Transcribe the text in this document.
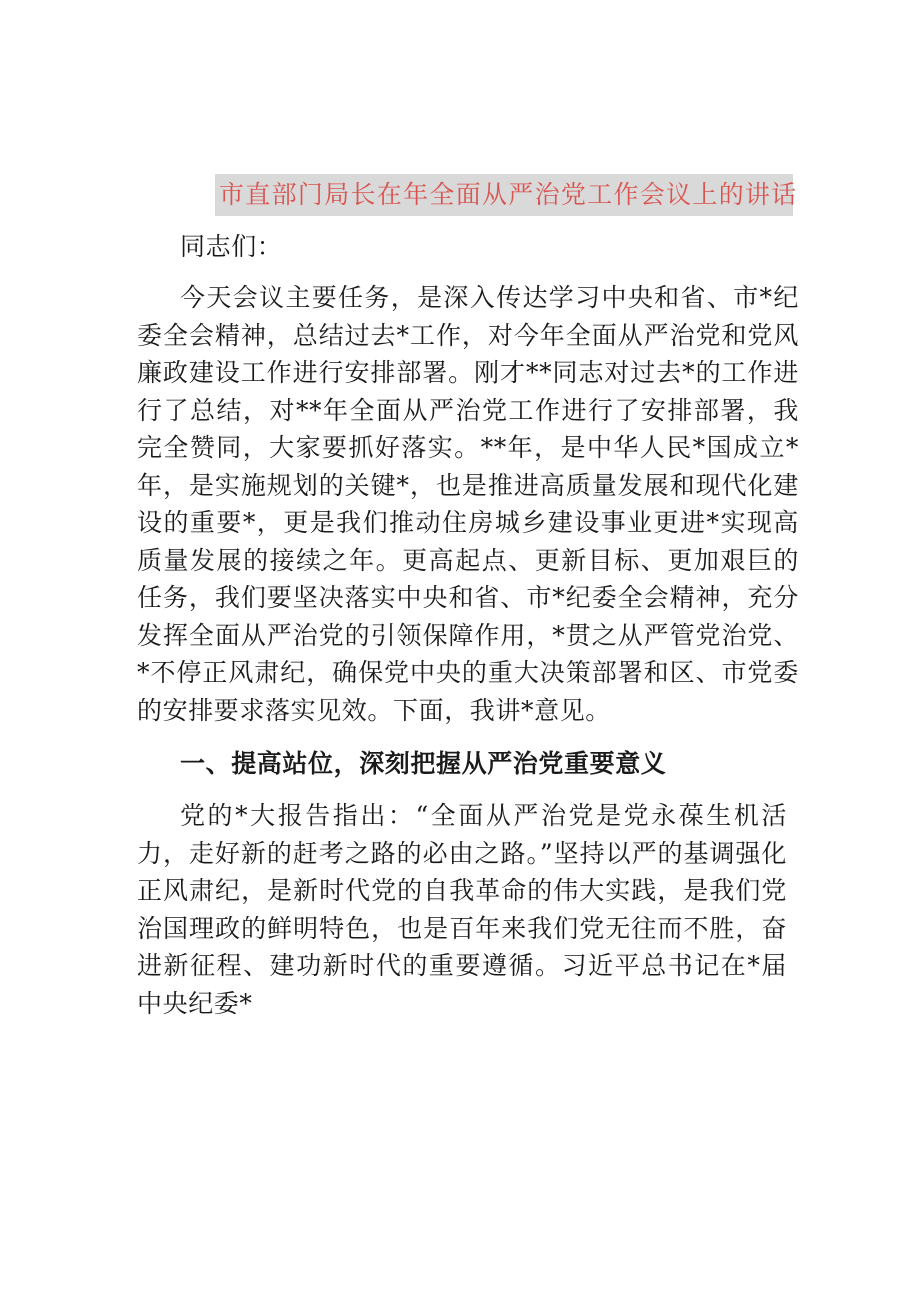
市直部门局长在年全面从严治党工作会议上的讲话
同志们：
今天会议主要任务，是深入传达学习中央和省、市*纪委全会精神，总结过去*工作，对今年全面从严治党和党风廉政建设工作进行安排部署。刚才**同志对过去*的工作进行了总结，对**年全面从严治党工作进行了安排部署，我完全赞同，大家要抓好落实。**年，是中华人民*国成立*年，是实施规划的关键*，也是推进高质量发展和现代化建设的重要*，更是我们推动住房城乡建设事业更进*实现高质量发展的接续之年。更高起点、更新目标、更加艰巨的任务，我们要坚决落实中央和省、市*纪委全会精神，充分发挥全面从严治党的引领保障作用，*贯之从严管党治党、*不停正风肃纪，确保党中央的重大决策部署和区、市党委的安排要求落实见效。下面，我讲*意见。
一、提高站位，深刻把握从严治党重要意义
党的*大报告指出：“全面从严治党是党永葆生机活力，走好新的赶考之路的必由之路。”坚持以严的基调强化正风肃纪，是新时代党的自我革命的伟大实践，是我们党治国理政的鲜明特色，也是百年来我们党无往而不胜，奋进新征程、建功新时代的重要遵循。习近平总书记在*届中央纪委*
